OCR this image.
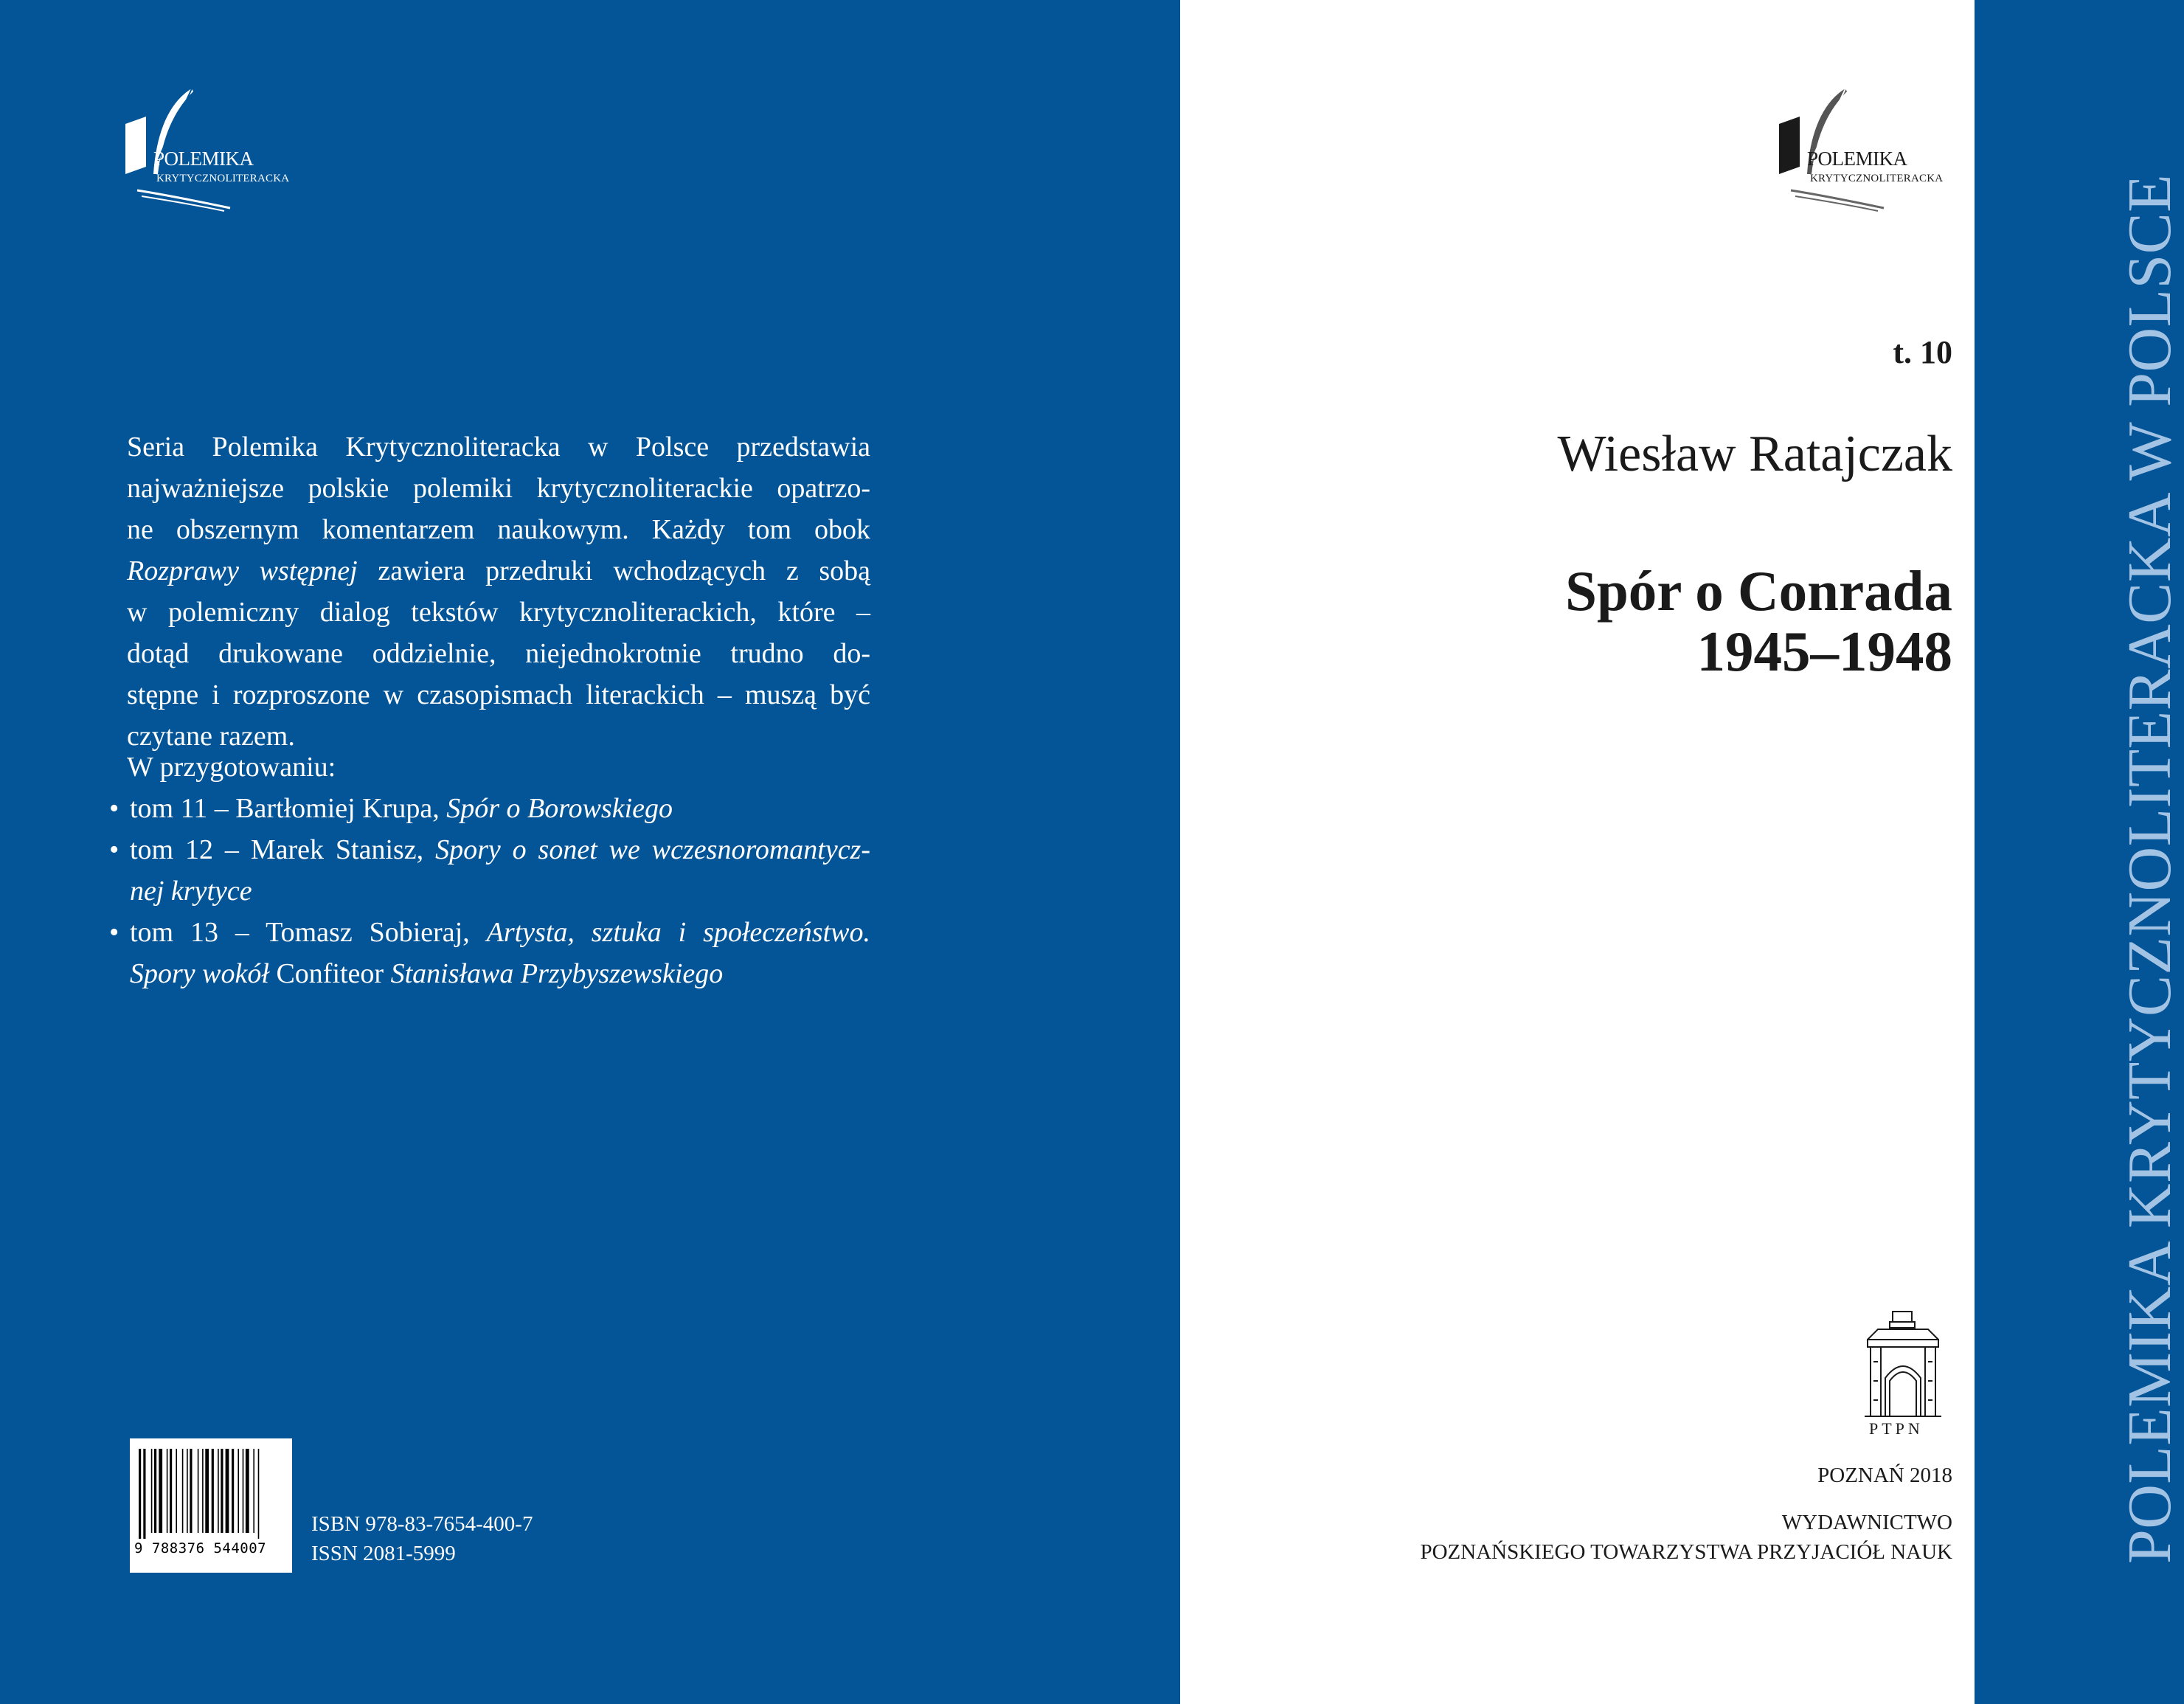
POLEMIKA
KRYTYCZNOLITERACKA
Seria Polemika Krytycznoliteracka w Polsce przedstawia
najważniejsze polskie polemiki krytycznoliterackie opatrzo-
ne obszernym komentarzem naukowym. Każdy tom obok
Rozprawy wstępnej zawiera przedruki wchodzących z sobą
w polemiczny dialog tekstów krytycznoliterackich, które –
dotąd drukowane oddzielnie, niejednokrotnie trudno do-
stępne i rozproszone w czasopismach literackich – muszą być
czytane razem.
W przygotowaniu:
• tom 11 – Bartłomiej Krupa, Spór o Borowskiego
• tom 12 – Marek Stanisz, Spory o sonet we wczesnoromantycz-
nej krytyce
• tom 13 – Tomasz Sobieraj, Artysta, sztuka i społeczeństwo.
Spory wokół Confiteor Stanisława Przybyszewskiego
9 788376 544007
ISBN 978-83-7654-400-7
ISSN 2081-5999
POLEMIKA
KRYTYCZNOLITERACKA
t. 10
Wiesław Ratajczak
Spór o Conrada
1945–1948
PTPN
POZNAŃ 2018
WYDAWNICTWO
POZNAŃSKIEGO TOWARZYSTWA PRZYJACIÓŁ NAUK	POLEMIKA KRYTYCZNOLITERACKA W POLSCE
